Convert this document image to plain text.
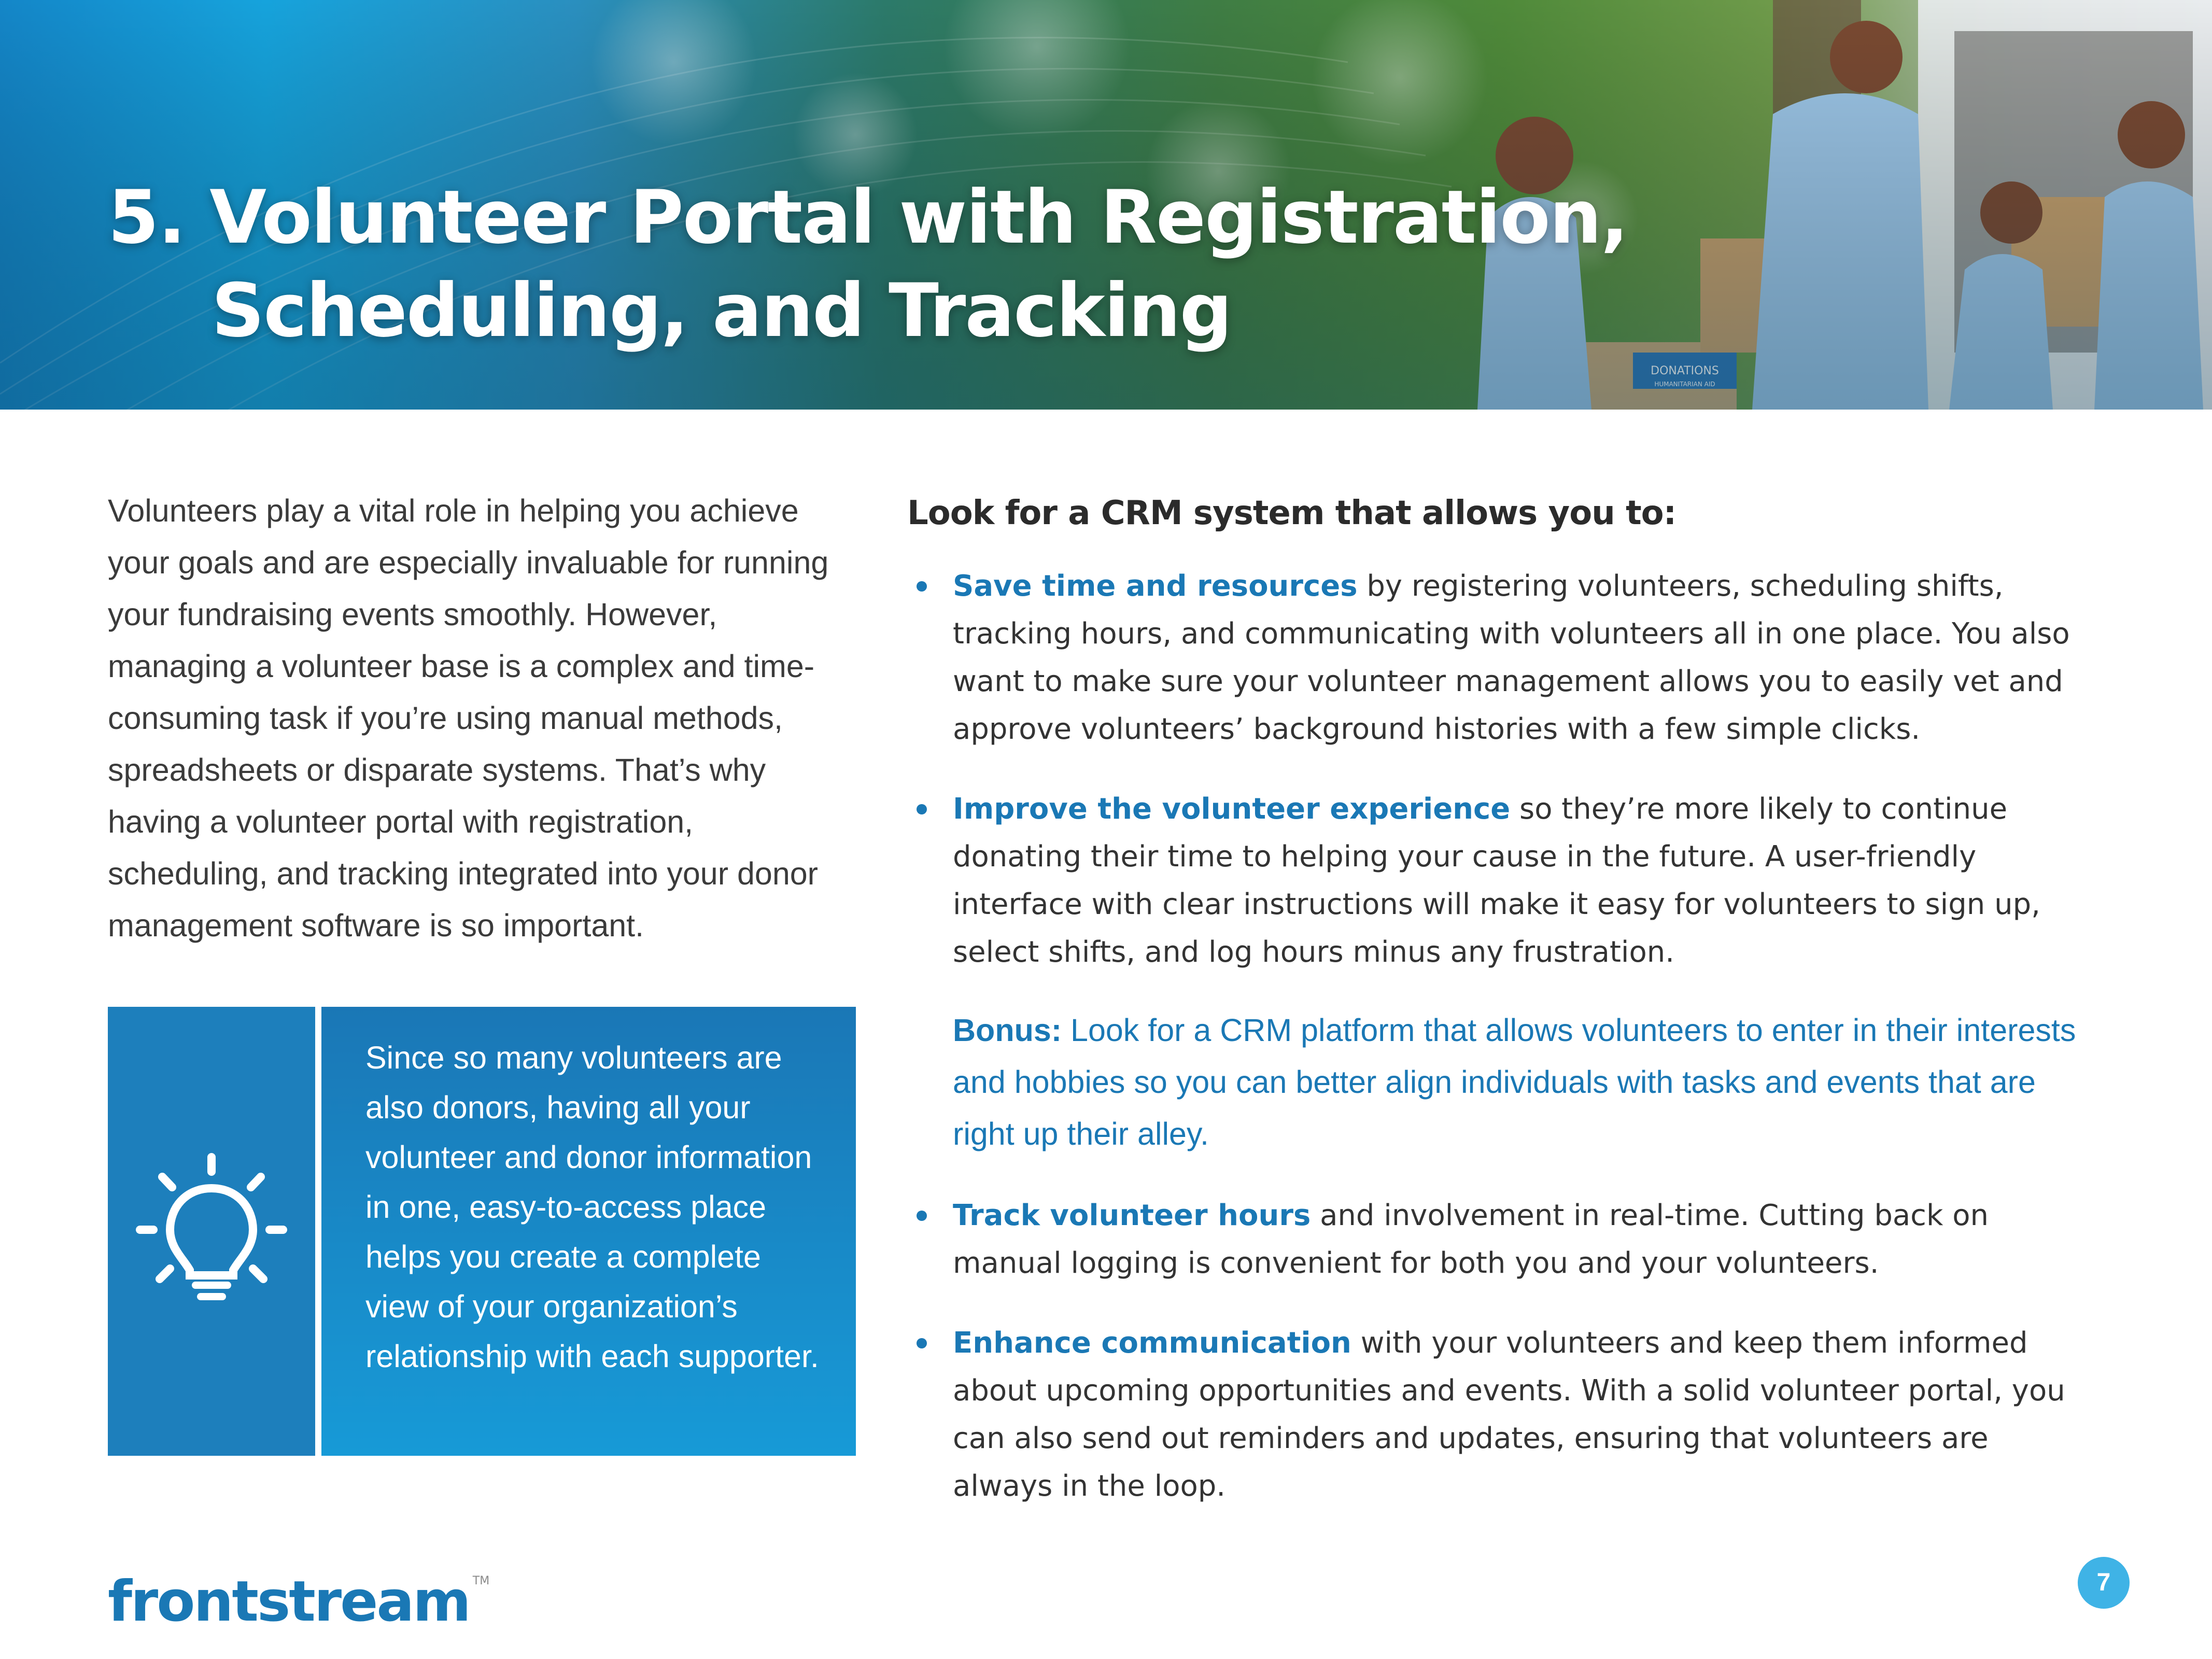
5. Volunteer Portal with Registration,
Scheduling, and Tracking

Volunteers play a vital role in helping you achieve your goals and are especially invaluable for running your fundraising events smoothly. However, managing a volunteer base is a complex and time-consuming task if you’re using manual methods, spreadsheets or disparate systems. That’s why having a volunteer portal with registration, scheduling, and tracking integrated into your donor management software is so important.

Since so many volunteers are also donors, having all your volunteer and donor information in one, easy-to-access place helps you create a complete view of your organization’s relationship with each supporter.

Look for a CRM system that allows you to:
Save time and resources by registering volunteers, scheduling shifts, tracking hours, and communicating with volunteers all in one place. You also want to make sure your volunteer management allows you to easily vet and approve volunteers’ background histories with a few simple clicks.
Improve the volunteer experience so they’re more likely to continue donating their time to helping your cause in the future. A user-friendly interface with clear instructions will make it easy for volunteers to sign up, select shifts, and log hours minus any frustration.
Bonus: Look for a CRM platform that allows volunteers to enter in their interests and hobbies so you can better align individuals with tasks and events that are right up their alley.
Track volunteer hours and involvement in real-time. Cutting back on manual logging is convenient for both you and your volunteers.
Enhance communication with your volunteers and keep them informed about upcoming opportunities and events. With a solid volunteer portal, you can also send out reminders and updates, ensuring that volunteers are always in the loop.
frontstream ™	7
